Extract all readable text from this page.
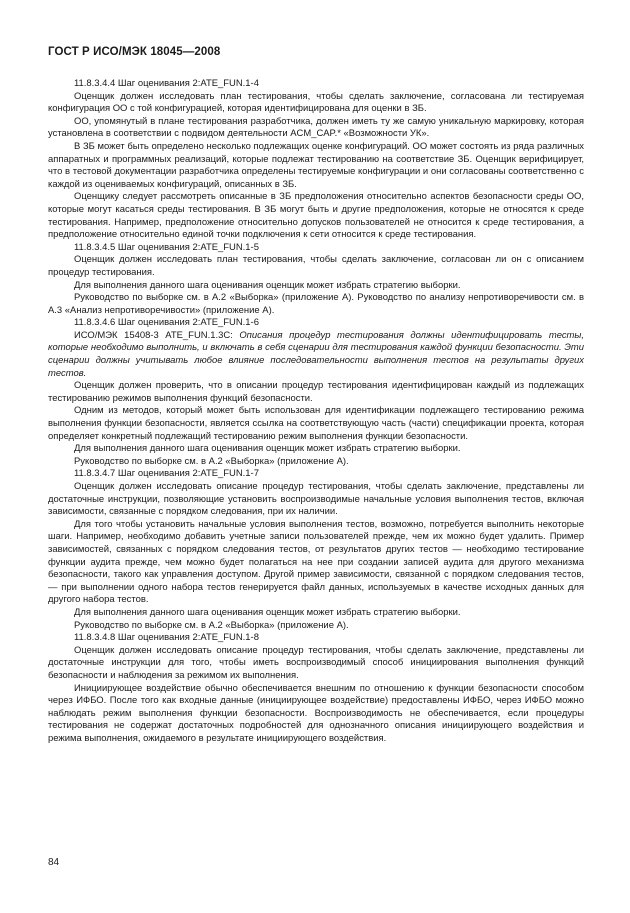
ГОСТ Р ИСО/МЭК 18045—2008

11.8.3.4.4 Шаг оценивания 2:ATE_FUN.1-4

Оценщик должен исследовать план тестирования, чтобы сделать заключение, согласована ли тестируемая конфигурация ОО с той конфигурацией, которая идентифицирована для оценки в ЗБ.

ОО, упомянутый в плане тестирования разработчика, должен иметь ту же самую уникальную маркировку, которая установлена в соответствии с подвидом деятельности ACM_CAP.* «Возможности УК».

В ЗБ может быть определено несколько подлежащих оценке конфигураций. ОО может состоять из ряда различных аппаратных и программных реализаций, которые подлежат тестированию на соответствие ЗБ. Оценщик верифицирует, что в тестовой документации разработчика определены тестируемые конфигурации и они согласованы соответственно с каждой из оцениваемых конфигураций, описанных в ЗБ.

Оценщику следует рассмотреть описанные в ЗБ предположения относительно аспектов безопасности среды ОО, которые могут касаться среды тестирования. В ЗБ могут быть и другие предположения, которые не относятся к среде тестирования. Например, предположение относительно допусков пользователей не относится к среде тестирования, а предположение относительно единой точки подключения к сети относится к среде тестирования.

11.8.3.4.5 Шаг оценивания 2:ATE_FUN.1-5

Оценщик должен исследовать план тестирования, чтобы сделать заключение, согласован ли он с описанием процедур тестирования.

Для выполнения данного шага оценивания оценщик может избрать стратегию выборки.

Руководство по выборке см. в А.2 «Выборка» (приложение А). Руководство по анализу непротиворечивости см. в А.3 «Анализ непротиворечивости» (приложение А).

11.8.3.4.6 Шаг оценивания 2:ATE_FUN.1-6

ИСО/МЭК 15408-3 ATE_FUN.1.3C: Описания процедур тестирования должны идентифицировать тесты, которые необходимо выполнить, и включать в себя сценарии для тестирования каждой функции безопасности. Эти сценарии должны учитывать любое влияние последовательности выполнения тестов на результаты других тестов.

Оценщик должен проверить, что в описании процедур тестирования идентифицирован каждый из подлежащих тестированию режимов выполнения функций безопасности.

Одним из методов, который может быть использован для идентификации подлежащего тестированию режима выполнения функции безопасности, является ссылка на соответствующую часть (части) спецификации проекта, которая определяет конкретный подлежащий тестированию режим выполнения функции безопасности.

Для выполнения данного шага оценивания оценщик может избрать стратегию выборки.

Руководство по выборке см. в А.2 «Выборка» (приложение А).

11.8.3.4.7 Шаг оценивания 2:ATE_FUN.1-7

Оценщик должен исследовать описание процедур тестирования, чтобы сделать заключение, представлены ли достаточные инструкции, позволяющие установить воспроизводимые начальные условия выполнения тестов, включая зависимости, связанные с порядком следования, при их наличии.

Для того чтобы установить начальные условия выполнения тестов, возможно, потребуется выполнить некоторые шаги. Например, необходимо добавить учетные записи пользователей прежде, чем их можно будет удалить. Пример зависимостей, связанных с порядком следования тестов, от результатов других тестов — необходимо тестирование функции аудита прежде, чем можно будет полагаться на нее при создании записей аудита для другого механизма безопасности, такого как управления доступом. Другой пример зависимости, связанной с порядком следования тестов, — при выполнении одного набора тестов генерируется файл данных, используемых в качестве исходных данных для другого набора тестов.

Для выполнения данного шага оценивания оценщик может избрать стратегию выборки.

Руководство по выборке см. в А.2 «Выборка» (приложение А).

11.8.3.4.8 Шаг оценивания 2:ATE_FUN.1-8

Оценщик должен исследовать описание процедур тестирования, чтобы сделать заключение, представлены ли достаточные инструкции для того, чтобы иметь воспроизводимый способ инициирования выполнения функций безопасности и наблюдения за режимом их выполнения.

Инициирующее воздействие обычно обеспечивается внешним по отношению к функции безопасности способом через ИФБО. После того как входные данные (инициирующее воздействие) предоставлены ИФБО, через ИФБО можно наблюдать режим выполнения функции безопасности. Воспроизводимость не обеспечивается, если процедуры тестирования не содержат достаточных подробностей для однозначного описания инициирующего воздействия и режима выполнения, ожидаемого в результате инициирующего воздействия.

84
